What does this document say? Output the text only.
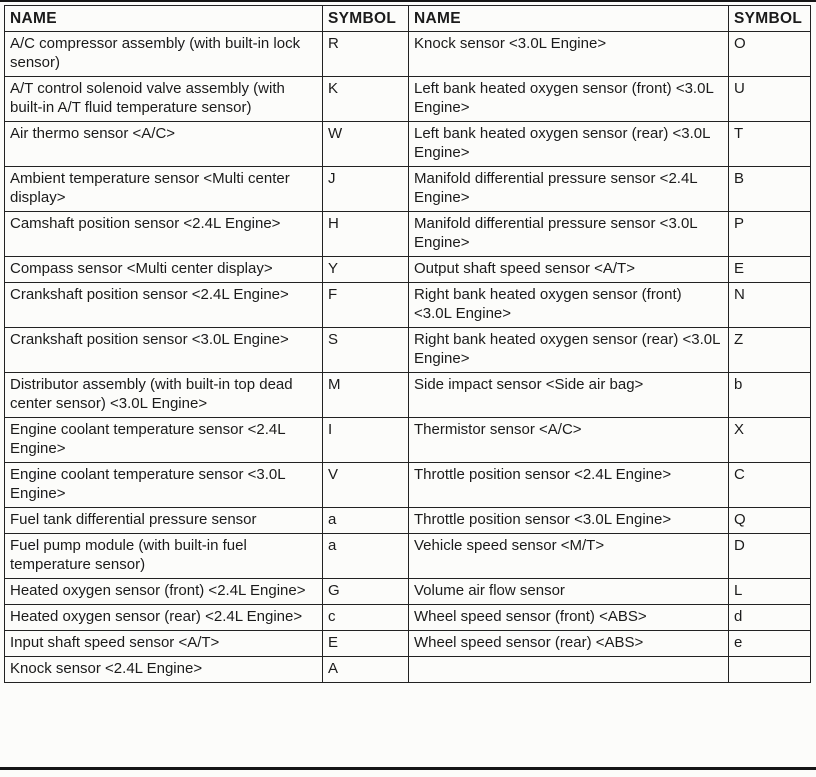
NAME	SYMBOL	NAME	SYMBOL
A/C compressor assembly (with built-in lock sensor)	R	Knock sensor <3.0L Engine>	O
A/T control solenoid valve assembly (with built-in A/T fluid temperature sensor)	K	Left bank heated oxygen sensor (front) <3.0L Engine>	U
Air thermo sensor <A/C>	W	Left bank heated oxygen sensor (rear) <3.0L Engine>	T
Ambient temperature sensor <Multi center display>	J	Manifold differential pressure sensor <2.4L Engine>	B
Camshaft position sensor <2.4L Engine>	H	Manifold differential pressure sensor <3.0L Engine>	P
Compass sensor <Multi center display>	Y	Output shaft speed sensor <A/T>	E
Crankshaft position sensor <2.4L Engine>	F	Right bank heated oxygen sensor (front) <3.0L Engine>	N
Crankshaft position sensor <3.0L Engine>	S	Right bank heated oxygen sensor (rear) <3.0L Engine>	Z
Distributor assembly (with built-in top dead center sensor) <3.0L Engine>	M	Side impact sensor <Side air bag>	b
Engine coolant temperature sensor <2.4L Engine>	I	Thermistor sensor <A/C>	X
Engine coolant temperature sensor <3.0L Engine>	V	Throttle position sensor <2.4L Engine>	C
Fuel tank differential pressure sensor	a	Throttle position sensor <3.0L Engine>	Q
Fuel pump module (with built-in fuel temperature sensor)	a	Vehicle speed sensor <M/T>	D
Heated oxygen sensor (front) <2.4L Engine>	G	Volume air flow sensor	L
Heated oxygen sensor (rear) <2.4L Engine>	c	Wheel speed sensor (front) <ABS>	d
Input shaft speed sensor <A/T>	E	Wheel speed sensor (rear) <ABS>	e
Knock sensor <2.4L Engine>	A		
